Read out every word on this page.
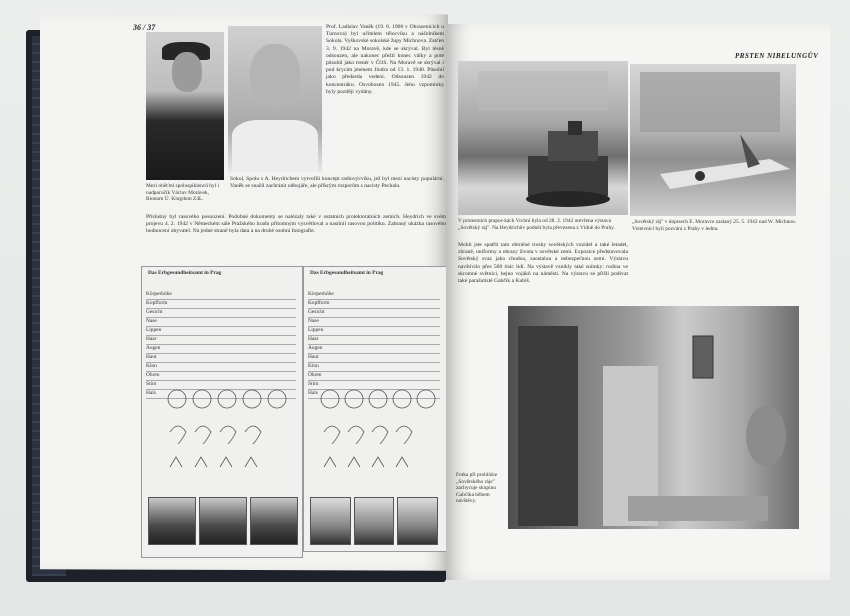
36 / 37
Mezi oběťmi spoluspiklenců byl i nadporučík Václav Morávek, Bionom Ú. Kingdom Z4L.
Prof. Ladislav Vaněk (19. 6. 1906 v Ohrazenicích u Turnova) byl učitelem tělocviku a náčelníkem Sokola. Vyškovské sokolské župy Michnova. Zatčen 3. 9. 1942 na Moravě, kde se skrýval. Byl těsně odsouzen, ale nakonec přežil konec války a poté působil jako trenér v ČOS. Na Moravě se skrýval i pod krycím jménem Jindra od 13. 1. 1940. Působil jako předseda vedení. Odsouzen 1942 do koncentráku. Osvobozen 1945. Jeho vzpomínky byly později vydány.
Sokol, Spolu s A. Heydrichem vytvořili koncept radiovýcviku, jež byl mezi nacisty populární. Vaněk se snažil zachránit odbojáře, ale příkrým rozporům s nacisty Pechalu.
Příslušný byl rasového posouzení. Podobné dokumenty se nalézaly také v ostatních protektorátních zemích. Heydrich ve svém projevu 4. 2. 1942 v Německém sále Pražského hradu přítomným vysvětloval a nastínil rasovou politiku. Zabraný ukázka rasového hodnocení obyvatel. Na jedné straně byla data a na druhé osobní fotografie.
Das Erbgesundheitsamt in Prag
Körperhöhe
Kopfform
Gesicht
Nase
Lippen
Haar
Augen
Haut
Kinn
Ohren
Stirn
Hals
Das Erbgesundheitsamt in Prag
Körperhöhe
Kopfform
Gesicht
Nase
Lippen
Haar
Augen
Haut
Kinn
Ohren
Stirn
Hals
PRSTEN NIBELUNGŮV
V protestních prapor-kách Vrchní byla od 28. 2. 1942 otevřena výstava „Sovětský ráj". Na Heydrichův podnět byla převezena z Vídně do Prahy.
„Sovětský ráj" v dopisech E. Moravce zaslaný 25. 5. 1942 nad W. Michnou. Vrstevníci byli pozváni z Prahy v lednu.
Mohli jste spatřit tam obrněné trosky sovětských vozidel a také letadel, zbraně, uniformy a obrazy života v sovětské zemi. Expozice představovala Sovětský svaz jako chudou, zaostalou a nebezpečnou zemi. Výstavu navštívilo přes 500 tisíc lidí. Na výstavě vznikly také snímky: rodina ve skromné světnici, hejno vojáků na náměstí. Na výstavu se přišli podívat také parašutisté Gabčík a Kubiš.
Fotka při prohlídce „Sovětského ráje" zachycuje skupinu Gabčíka během návštěvy.
